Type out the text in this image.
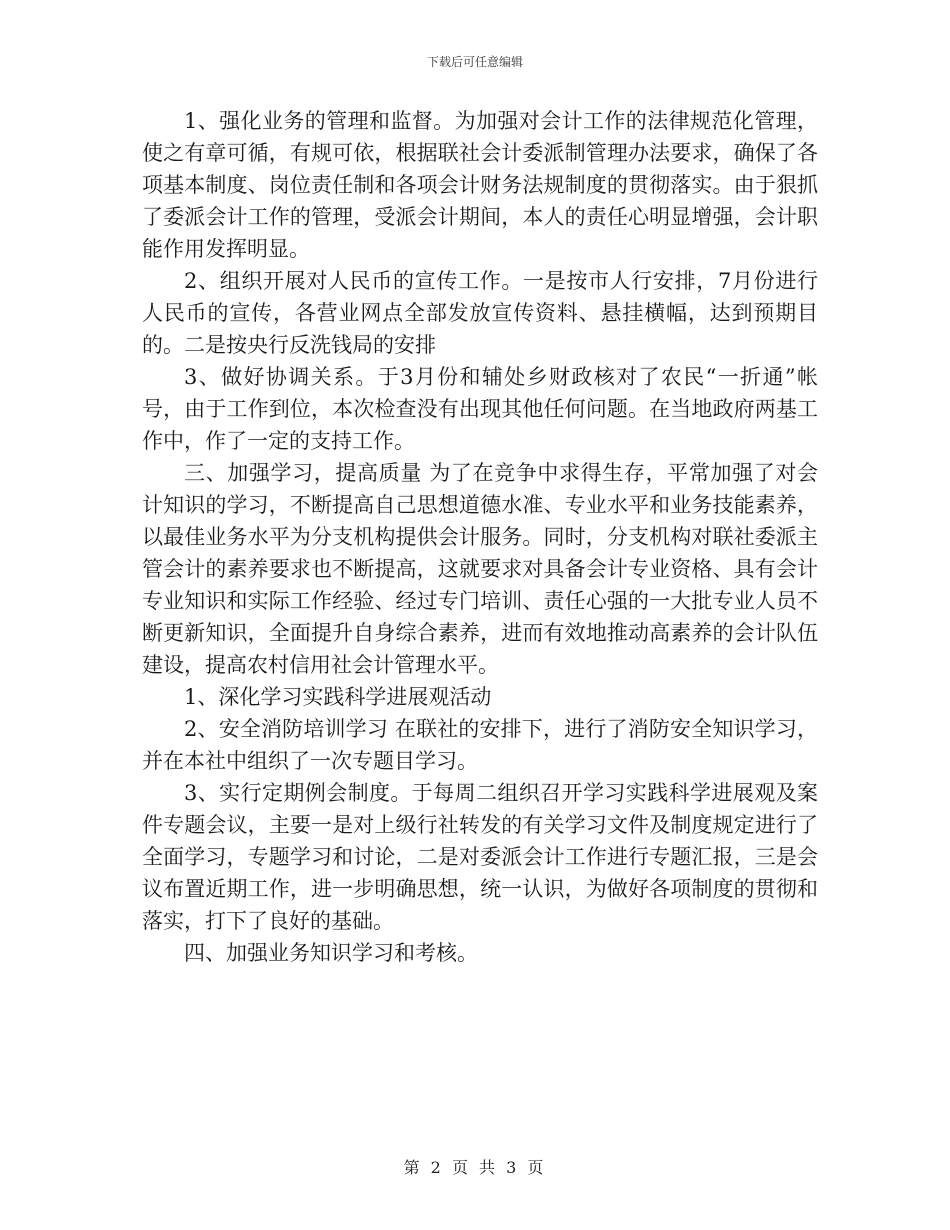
下载后可任意编辑

1、强化业务的管理和监督。为加强对会计工作的法律规范化管理，使之有章可循，有规可依，根据联社会计委派制管理办法要求，确保了各项基本制度、岗位责任制和各项会计财务法规制度的贯彻落实。由于狠抓了委派会计工作的管理，受派会计期间，本人的责任心明显增强，会计职能作用发挥明显。

2、组织开展对人民币的宣传工作。一是按市人行安排，7月份进行人民币的宣传，各营业网点全部发放宣传资料、悬挂横幅，达到预期目的。二是按央行反洗钱局的安排

3、做好协调关系。于3月份和辅处乡财政核对了农民“一折通”帐号，由于工作到位，本次检查没有出现其他任何问题。在当地政府两基工作中，作了一定的支持工作。

三、加强学习，提高质量 为了在竞争中求得生存，平常加强了对会计知识的学习，不断提高自己思想道德水准、专业水平和业务技能素养，以最佳业务水平为分支机构提供会计服务。同时，分支机构对联社委派主管会计的素养要求也不断提高，这就要求对具备会计专业资格、具有会计专业知识和实际工作经验、经过专门培训、责任心强的一大批专业人员不断更新知识，全面提升自身综合素养，进而有效地推动高素养的会计队伍建设，提高农村信用社会计管理水平。

1、深化学习实践科学进展观活动

2、安全消防培训学习 在联社的安排下，进行了消防安全知识学习，并在本社中组织了一次专题目学习。

3、实行定期例会制度。于每周二组织召开学习实践科学进展观及案件专题会议，主要一是对上级行社转发的有关学习文件及制度规定进行了全面学习，专题学习和讨论，二是对委派会计工作进行专题汇报，三是会议布置近期工作，进一步明确思想，统一认识，为做好各项制度的贯彻和落实，打下了良好的基础。

四、加强业务知识学习和考核。

第 2 页 共 3 页
